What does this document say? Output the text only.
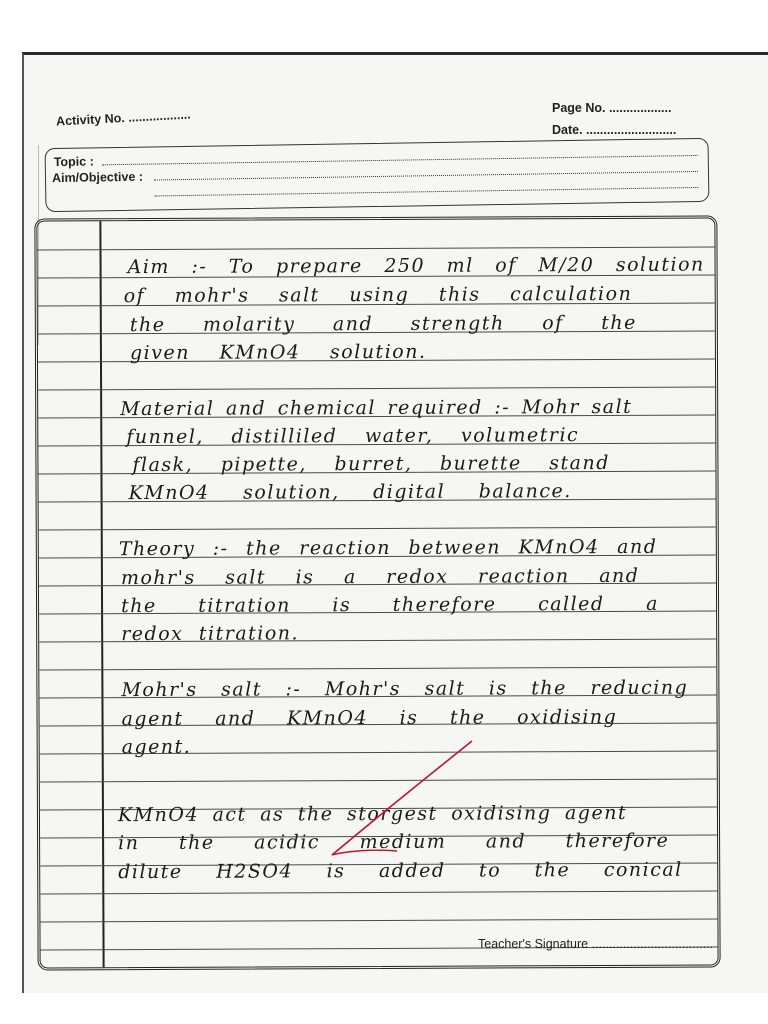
Activity No. ..................	Page No. ..................
Date. ..........................
Topic :
Aim/Objective :
Aim :- To prepare 250 ml of M/20 solution
of mohr's salt using this calculation
the molarity and strength of the
given KMnO4 solution.
Material and chemical required :- Mohr salt
funnel, distilliled water, volumetric
flask, pipette, burret, burette stand
KMnO4 solution, digital balance.
Theory :- the reaction between KMnO4 and
mohr's salt is a redox reaction and
the titration is therefore called a
redox titration.
Mohr's salt :- Mohr's salt is the reducing
agent and KMnO4 is the oxidising
agent.
KMnO4 act as the storgest oxidising agent
in the acidic medium and therefore
dilute H2SO4 is added to the conical
Teacher's Signature ...................................
